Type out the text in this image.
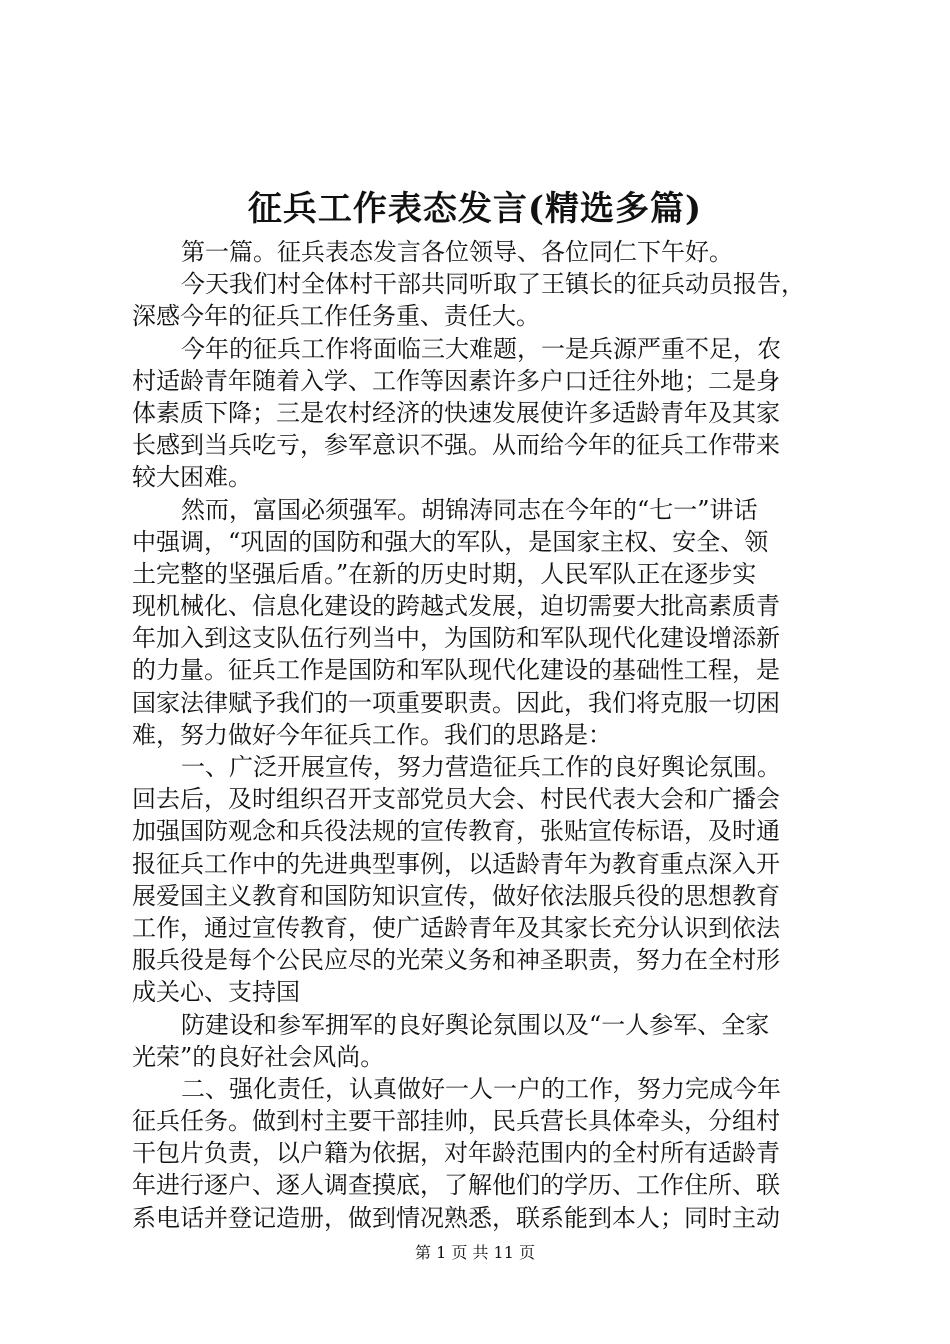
征兵工作表态发言(精选多篇)
第一篇。征兵表态发言各位领导、各位同仁下午好。
今天我们村全体村干部共同听取了王镇长的征兵动员报告，
深感今年的征兵工作任务重、责任大。
今年的征兵工作将面临三大难题，一是兵源严重不足，农
村适龄青年随着入学、工作等因素许多户口迁往外地；二是身
体素质下降；三是农村经济的快速发展使许多适龄青年及其家
长感到当兵吃亏，参军意识不强。从而给今年的征兵工作带来
较大困难。
然而，富国必须强军。胡锦涛同志在今年的“七一”讲话
中强调，“巩固的国防和强大的军队，是国家主权、安全、领
土完整的坚强后盾。”在新的历史时期，人民军队正在逐步实
现机械化、信息化建设的跨越式发展，迫切需要大批高素质青
年加入到这支队伍行列当中，为国防和军队现代化建设增添新
的力量。征兵工作是国防和军队现代化建设的基础性工程，是
国家法律赋予我们的一项重要职责。因此，我们将克服一切困
难，努力做好今年征兵工作。我们的思路是：
一、广泛开展宣传，努力营造征兵工作的良好舆论氛围。
回去后，及时组织召开支部党员大会、村民代表大会和广播会
加强国防观念和兵役法规的宣传教育，张贴宣传标语，及时通
报征兵工作中的先进典型事例，以适龄青年为教育重点深入开
展爱国主义教育和国防知识宣传，做好依法服兵役的思想教育
工作，通过宣传教育，使广适龄青年及其家长充分认识到依法
服兵役是每个公民应尽的光荣义务和神圣职责，努力在全村形
成关心、支持国
防建设和参军拥军的良好舆论氛围以及“一人参军、全家
光荣”的良好社会风尚。
二、强化责任，认真做好一人一户的工作，努力完成今年
征兵任务。做到村主要干部挂帅，民兵营长具体牵头，分组村
干包片负责，以户籍为依据，对年龄范围内的全村所有适龄青
年进行逐户、逐人调查摸底，了解他们的学历、工作住所、联
系电话并登记造册，做到情况熟悉，联系能到本人；同时主动
第 1 页 共 11 页
